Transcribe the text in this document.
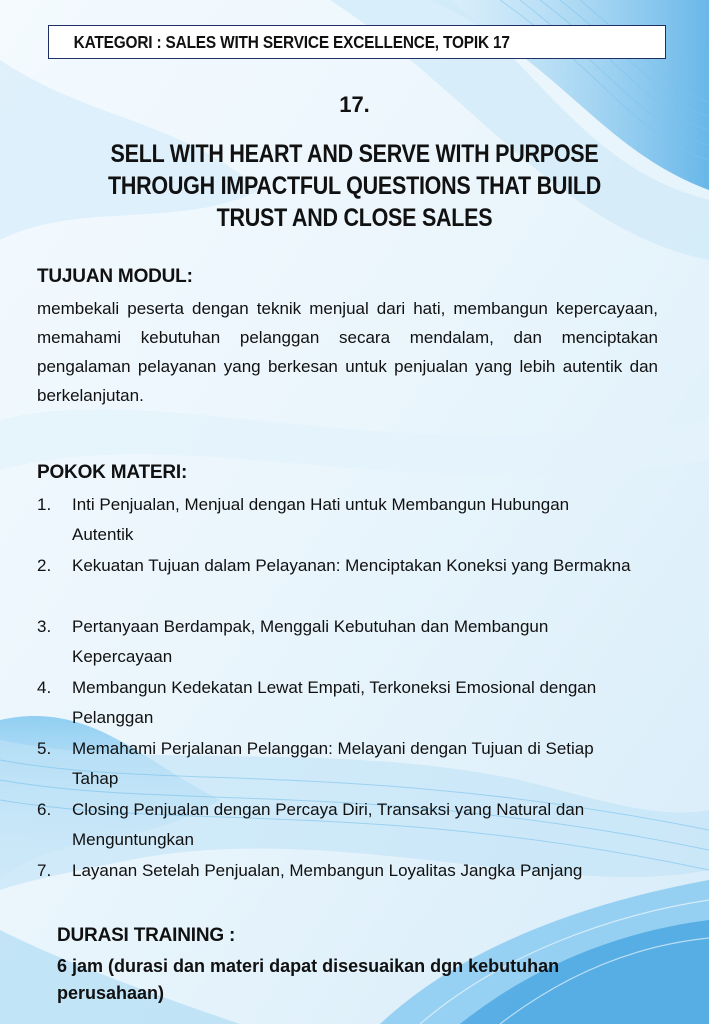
KATEGORI : SALES WITH SERVICE EXCELLENCE, TOPIK 17
17.
SELL WITH HEART AND SERVE WITH PURPOSE THROUGH IMPACTFUL QUESTIONS THAT BUILD TRUST AND CLOSE SALES
TUJUAN MODUL:
membekali peserta dengan teknik menjual dari hati, membangun kepercayaan, memahami kebutuhan pelanggan secara mendalam, dan menciptakan pengalaman pelayanan yang berkesan untuk penjualan yang lebih autentik dan berkelanjutan.
POKOK MATERI:
1. Inti Penjualan, Menjual dengan Hati untuk Membangun Hubungan Autentik
2. Kekuatan Tujuan dalam Pelayanan: Menciptakan Koneksi yang Bermakna
3. Pertanyaan Berdampak, Menggali Kebutuhan dan Membangun Kepercayaan
4. Membangun Kedekatan Lewat Empati, Terkoneksi Emosional dengan Pelanggan
5. Memahami Perjalanan Pelanggan: Melayani dengan Tujuan di Setiap Tahap
6. Closing Penjualan dengan Percaya Diri, Transaksi yang Natural dan Menguntungkan
7. Layanan Setelah Penjualan, Membangun Loyalitas Jangka Panjang
DURASI TRAINING :
6 jam (durasi dan materi dapat disesuaikan dgn kebutuhan perusahaan)
